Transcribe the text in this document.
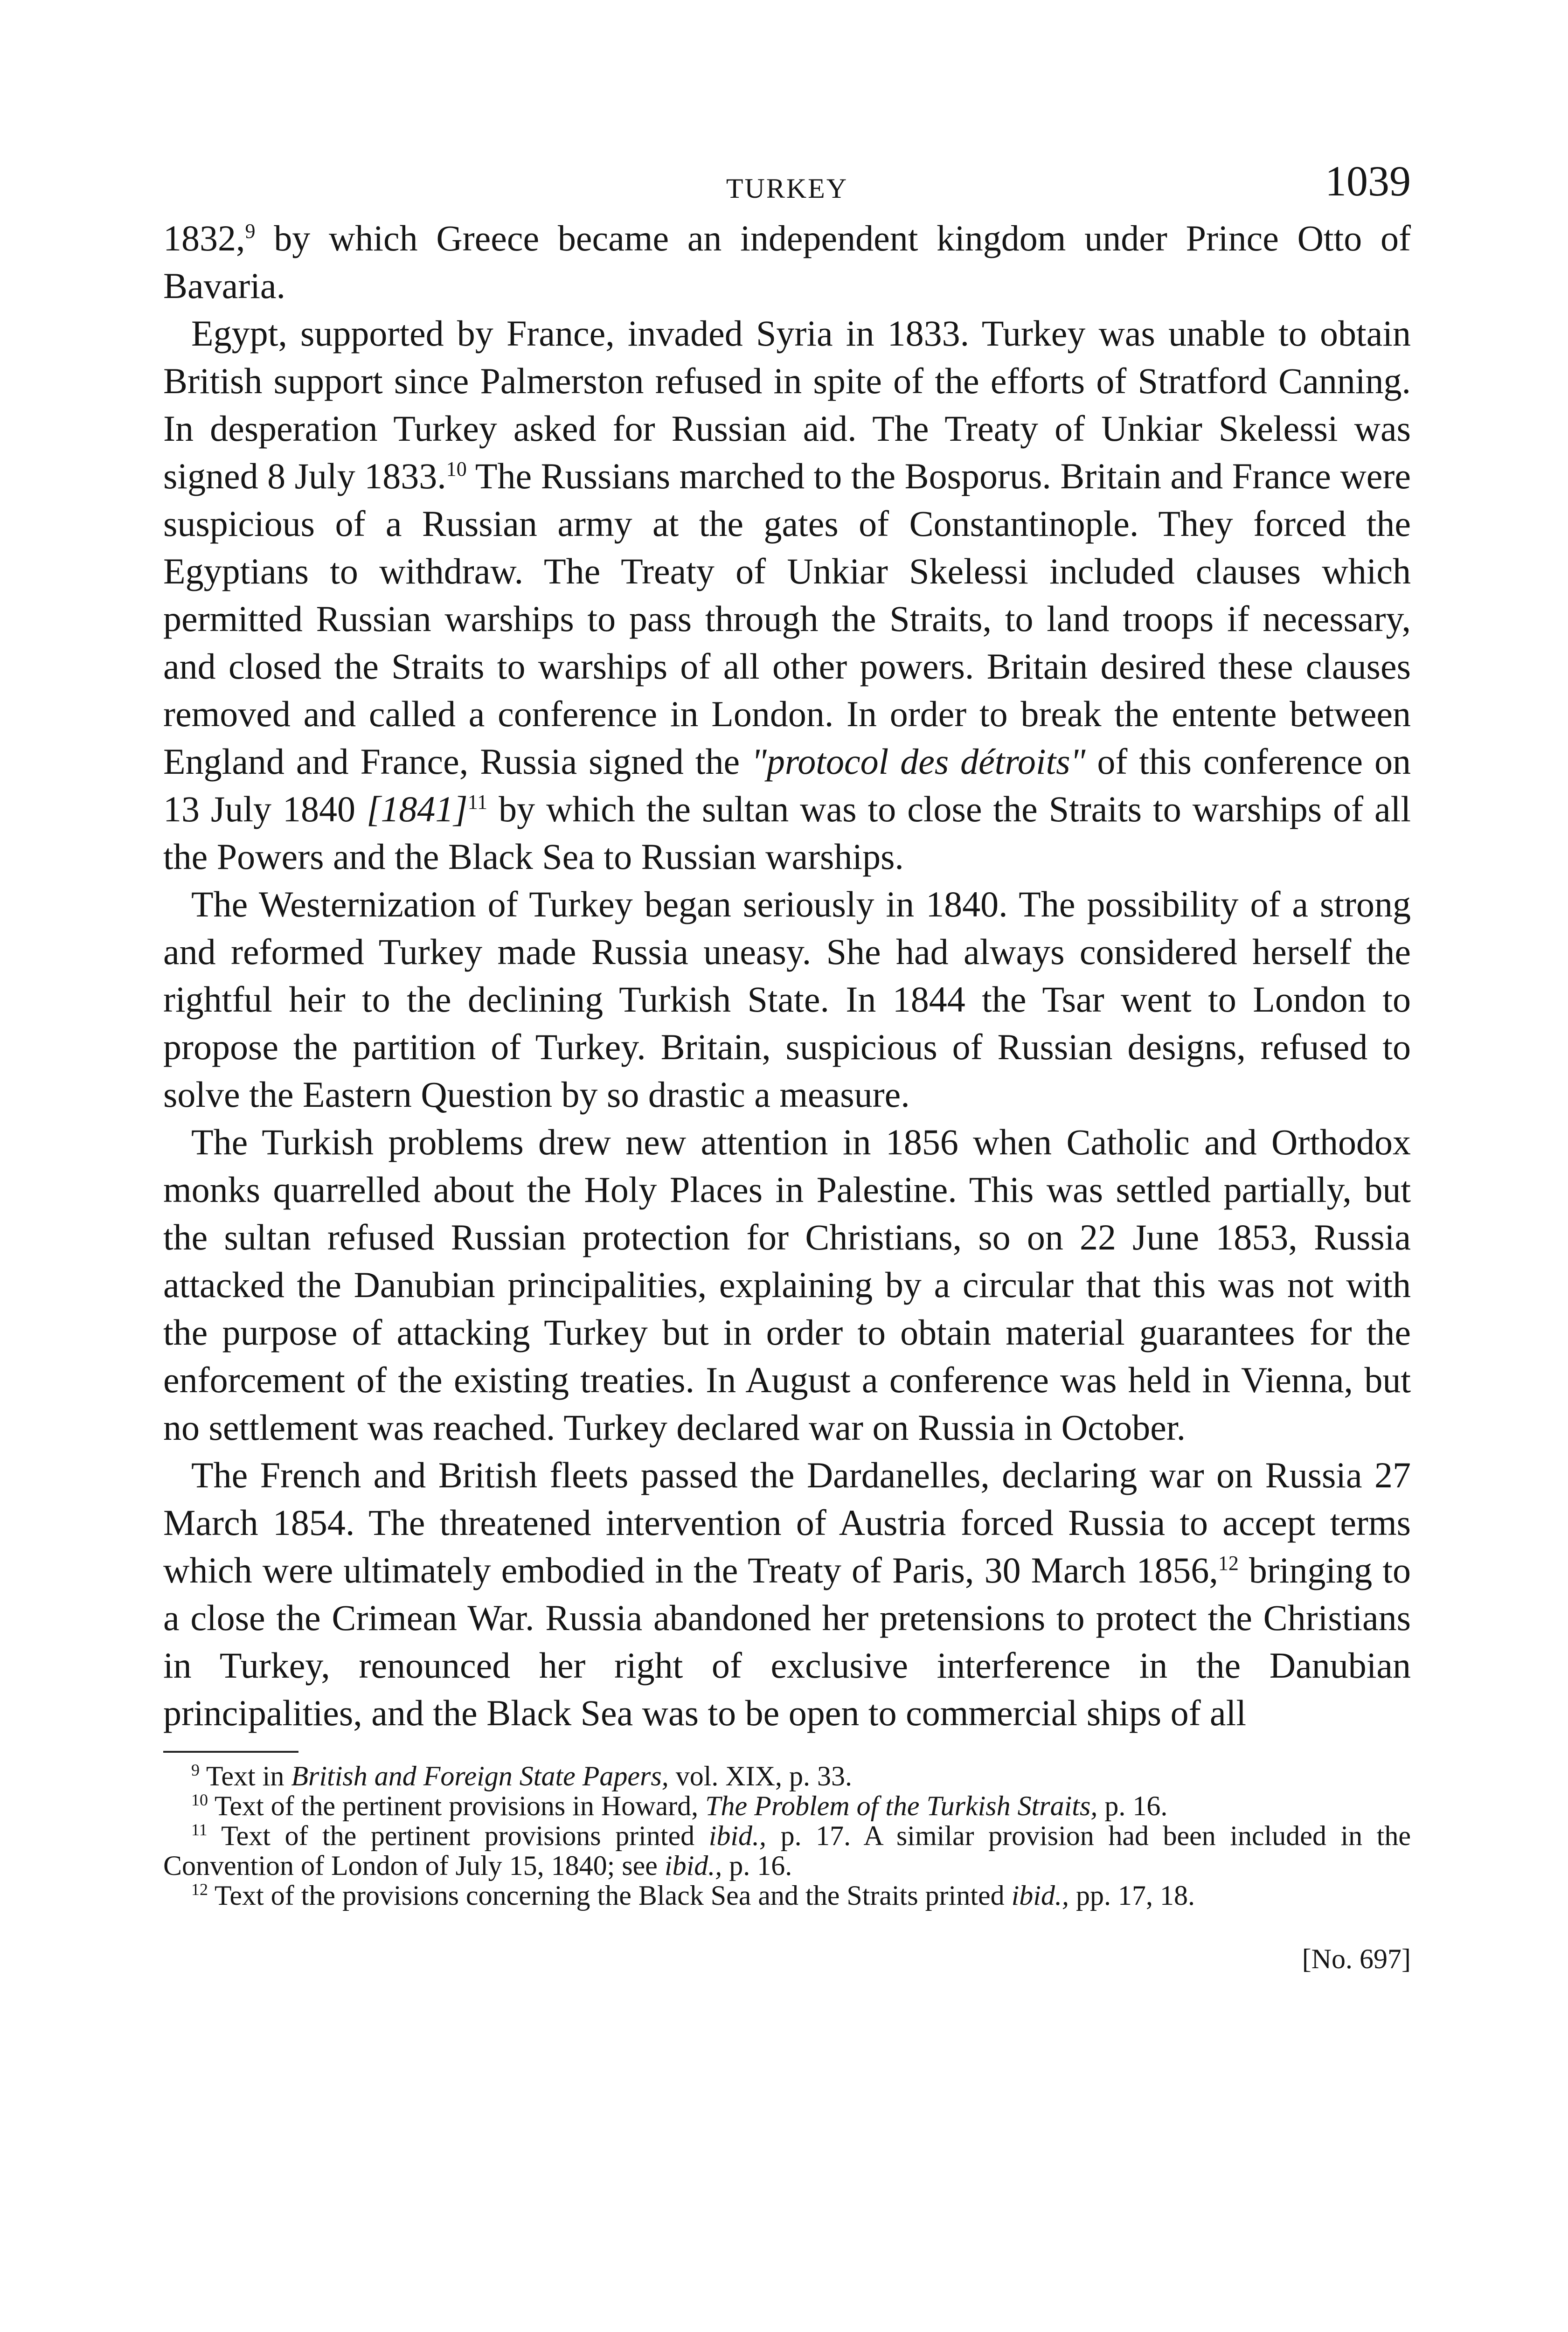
TURKEY	1039

1832,$^9$ by which Greece became an independent kingdom under Prince Otto of Bavaria.

Egypt, supported by France, invaded Syria in 1833. Turkey was unable to obtain British support since Palmerston refused in spite of the efforts of Stratford Canning. In desperation Turkey asked for Russian aid. The Treaty of Unkiar Skelessi was signed 8 July 1833.10 The Russians marched to the Bosporus. Britain and France were suspicious of a Russian army at the gates of Constantinople. They forced the Egyptians to withdraw. The Treaty of Unkiar Skelessi included clauses which permitted Russian warships to pass through the Straits, to land troops if necessary, and closed the Straits to warships of all other powers. Britain desired these clauses removed and called a conference in London. In order to break the entente between England and France, Russia signed the "protocol des détroits" of this conference on 13 July 1840 $[1841]^{11}$ by which the sultan was to close the Straits to warships of all the Powers and the Black Sea to Russian warships.

The Westernization of Turkey began seriously in 1840. The possibility of a strong and reformed Turkey made Russia uneasy. She had always considered herself the rightful heir to the declining Turkish State. In 1844 the Tsar went to London to propose the partition of Turkey. Britain, suspicious of Russian designs, refused to solve the Eastern Question by so drastic a measure.

The Turkish problems drew new attention in 1856 when Catholic and Orthodox monks quarrelled about the Holy Places in Palestine. This was settled partially, but the sultan refused Russian protection for Christians, so on 22 June 1853, Russia attacked the Danubian principalities, explaining by a circular that this was not with the purpose of attacking Turkey but in order to obtain material guarantees for the enforcement of the existing treaties. In August a conference was held in Vienna, but no settlement was reached. Turkey declared war on Russia in October.

The French and British fleets passed the Dardanelles, declaring war on Russia 27 March 1854. The threatened intervention of Austria forced Russia to accept terms which were ultimately embodied in the Treaty of Paris, 30 March 1856,12 bringing to a close the Crimean War. Russia abandoned her pretensions to protect the Christians in Turkey, renounced her right of exclusive interference in the Danubian principalities, and the Black Sea was to be open to commercial ships of all

$^9$ Text in British and Foreign State Papers, vol. XIX, p. 33.

$^{10}$ Text of the pertinent provisions in Howard, The Problem of the Turkish Straits, p. 16.

$^{11}$ Text of the pertinent provisions printed ibid., p. 17. A similar provision had been included in the Convention of London of July 15, 1840; see ibid., p. 16.

$^{12}$ Text of the provisions concerning the Black Sea and the Straits printed ibid., pp. 17, 18.

[No. 697]
